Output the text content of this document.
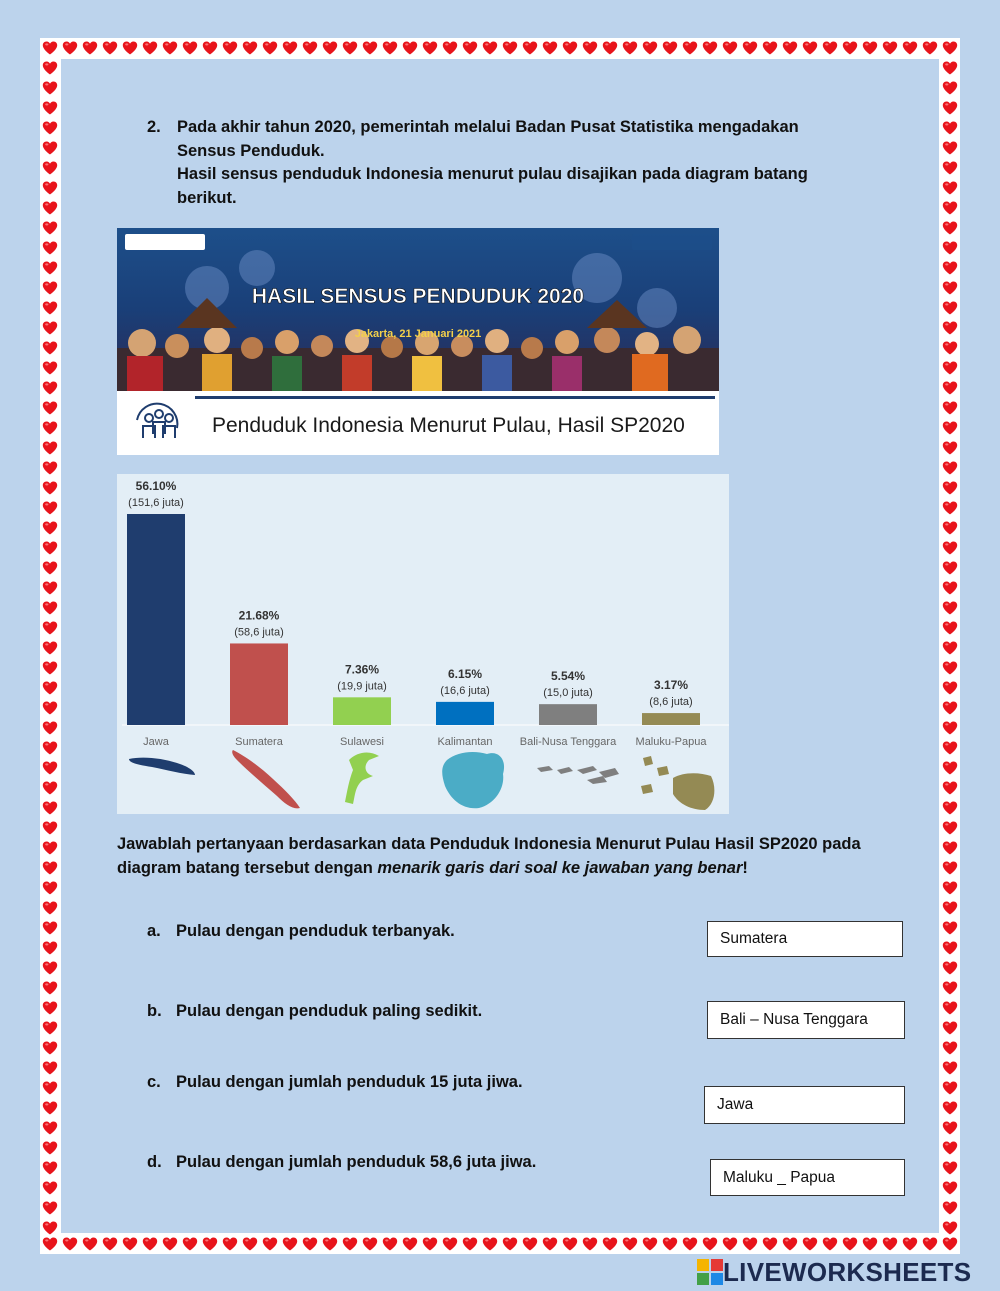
2. Pada akhir tahun 2020, pemerintah melalui Badan Pusat Statistika mengadakan
Sensus Penduduk.
Hasil sensus penduduk Indonesia menurut pulau disajikan pada diagram batang
berikut.
HASIL SENSUS PENDUDUK 2020
Jakarta, 21 Januari 2021
Penduduk Indonesia Menurut Pulau, Hasil SP2020
56.10%
(151,6 juta)
Jawa
21.68%
(58,6 juta)
Sumatera
7.36%
(19,9 juta)
Sulawesi
6.15%
(16,6 juta)
Kalimantan
5.54%
(15,0 juta)
Bali-Nusa Tenggara
3.17%
(8,6 juta)
Maluku-Papua
Jawablah pertanyaan berdasarkan data Penduduk Indonesia Menurut Pulau Hasil SP2020 pada diagram batang tersebut dengan menarik garis dari soal ke jawaban yang benar!
a. Pulau dengan penduduk terbanyak.
b. Pulau dengan penduduk paling sedikit.
c. Pulau dengan jumlah penduduk 15 juta jiwa.
d. Pulau dengan jumlah penduduk 58,6 juta jiwa.
Sumatera
Bali – Nusa Tenggara
Jawa
Maluku _ Papua
LIVEWORKSHEETS
